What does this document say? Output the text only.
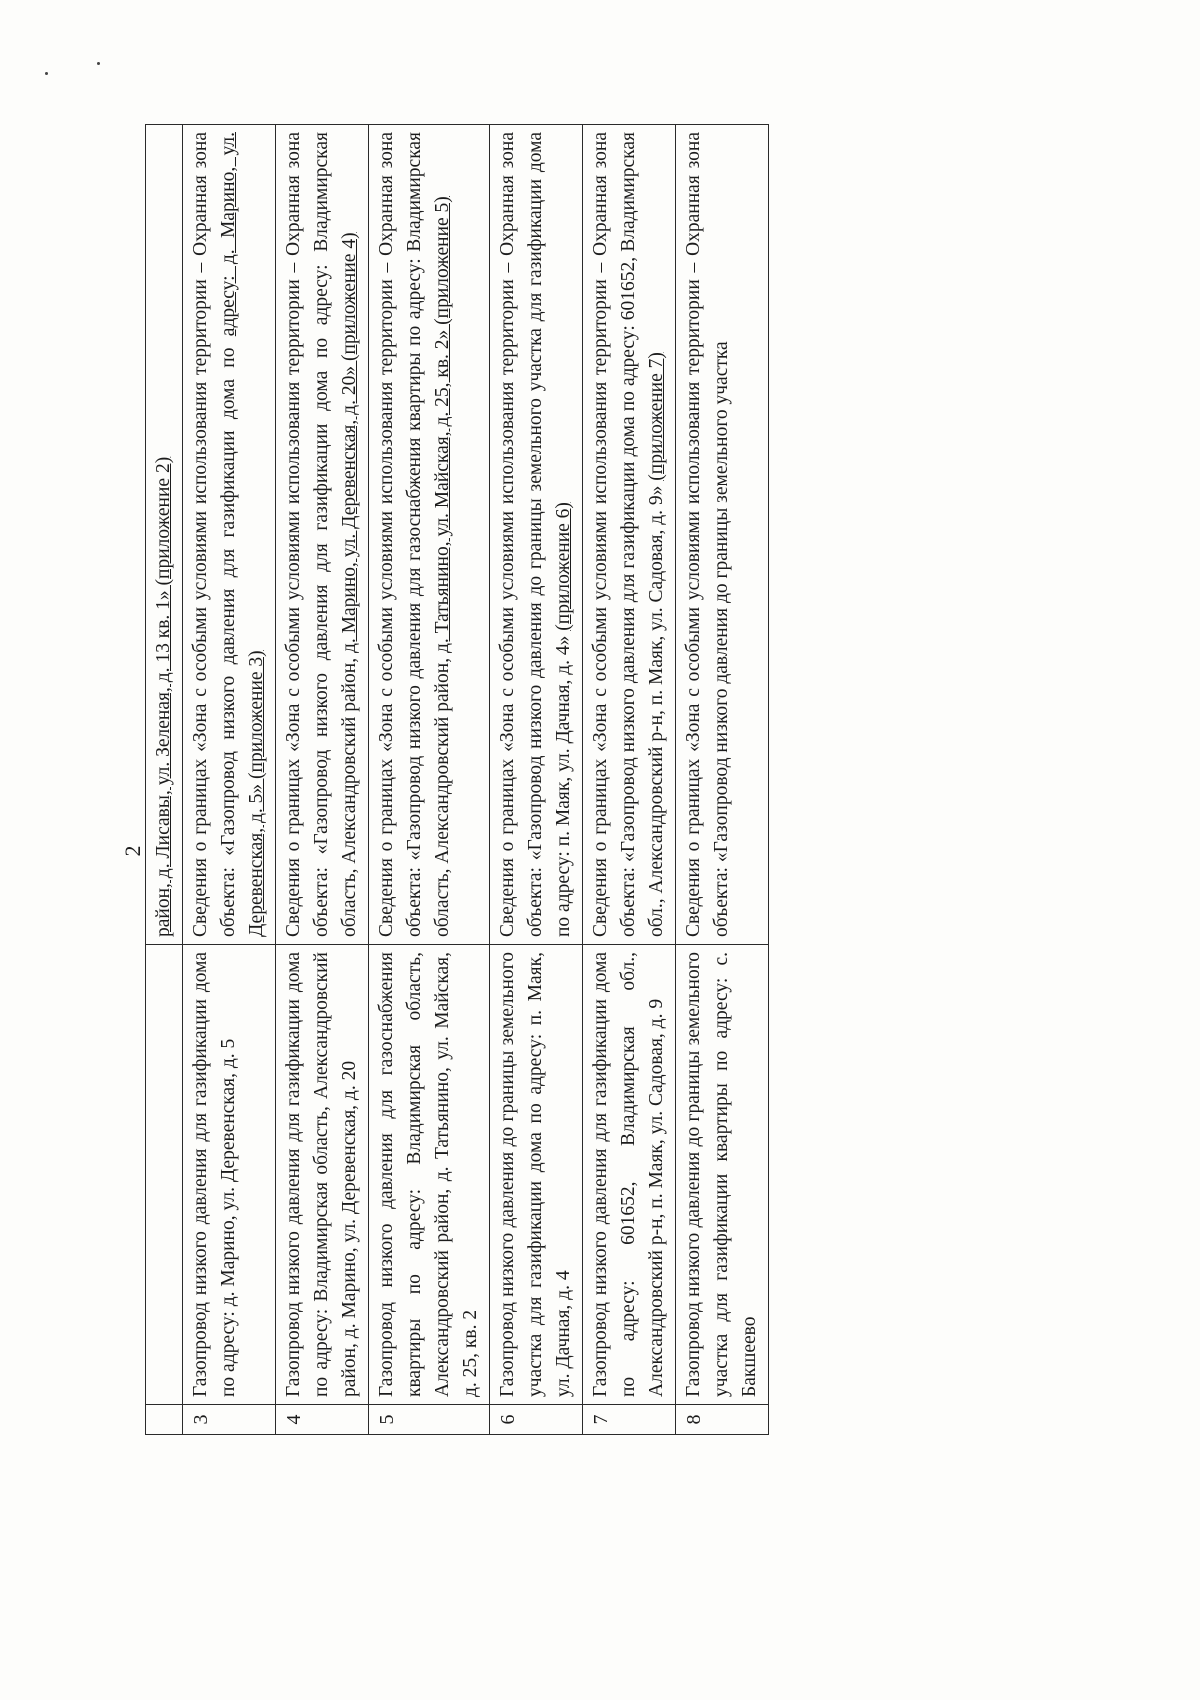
2
		район, д. Лисавы, ул. Зеленая, д. 13 кв. 1» (приложение 2)
3	Газопровод низкого давления для газификации дома по адресу: д. Марино, ул. Деревенская, д. 5	Сведения о границах «Зона с особыми условиями использования территории – Охранная зона объекта: «Газопровод низкого давления для газификации дома по адресу: д. Марино, ул. Деревенская, д. 5» (приложение 3)
4	Газопровод низкого давления для газификации дома по адресу: Владимирская область, Александровский район, д. Марино, ул. Деревенская, д. 20	Сведения о границах «Зона с особыми условиями использования территории – Охранная зона объекта: «Газопровод низкого давления для газификации дома по адресу: Владимирская область, Александровский район, д. Марино, ул. Деревенская, д. 20» (приложение 4)
5	Газопровод низкого давления для газоснабжения квартиры по адресу: Владимирская область, Александровский район, д. Татьянино, ул. Майская, д. 25, кв. 2	Сведения о границах «Зона с особыми условиями использования территории – Охранная зона объекта: «Газопровод низкого давления для газоснабжения квартиры по адресу: Владимирская область, Александровский район, д. Татьянино, ул. Майская, д. 25, кв. 2» (приложение 5)
6	Газопровод низкого давления до границы земельного участка для газификации дома по адресу: п. Маяк, ул. Дачная, д. 4	Сведения о границах «Зона с особыми условиями использования территории – Охранная зона объекта: «Газопровод низкого давления до границы земельного участка для газификации дома по адресу: п. Маяк, ул. Дачная, д. 4» (приложение 6)
7	Газопровод низкого давления для газификации дома по адресу: 601652, Владимирская обл., Александровский р-н, п. Маяк, ул. Садовая, д. 9	Сведения о границах «Зона с особыми условиями использования территории – Охранная зона объекта: «Газопровод низкого давления для газификации дома по адресу: 601652, Владимирская обл., Александровский р-н, п. Маяк, ул. Садовая, д. 9» (приложение 7)
8	Газопровод низкого давления до границы земельного участка для газификации квартиры по адресу: с. Бакшеево	Сведения о границах «Зона с особыми условиями использования территории – Охранная зона объекта: «Газопровод низкого давления до границы земельного участка
